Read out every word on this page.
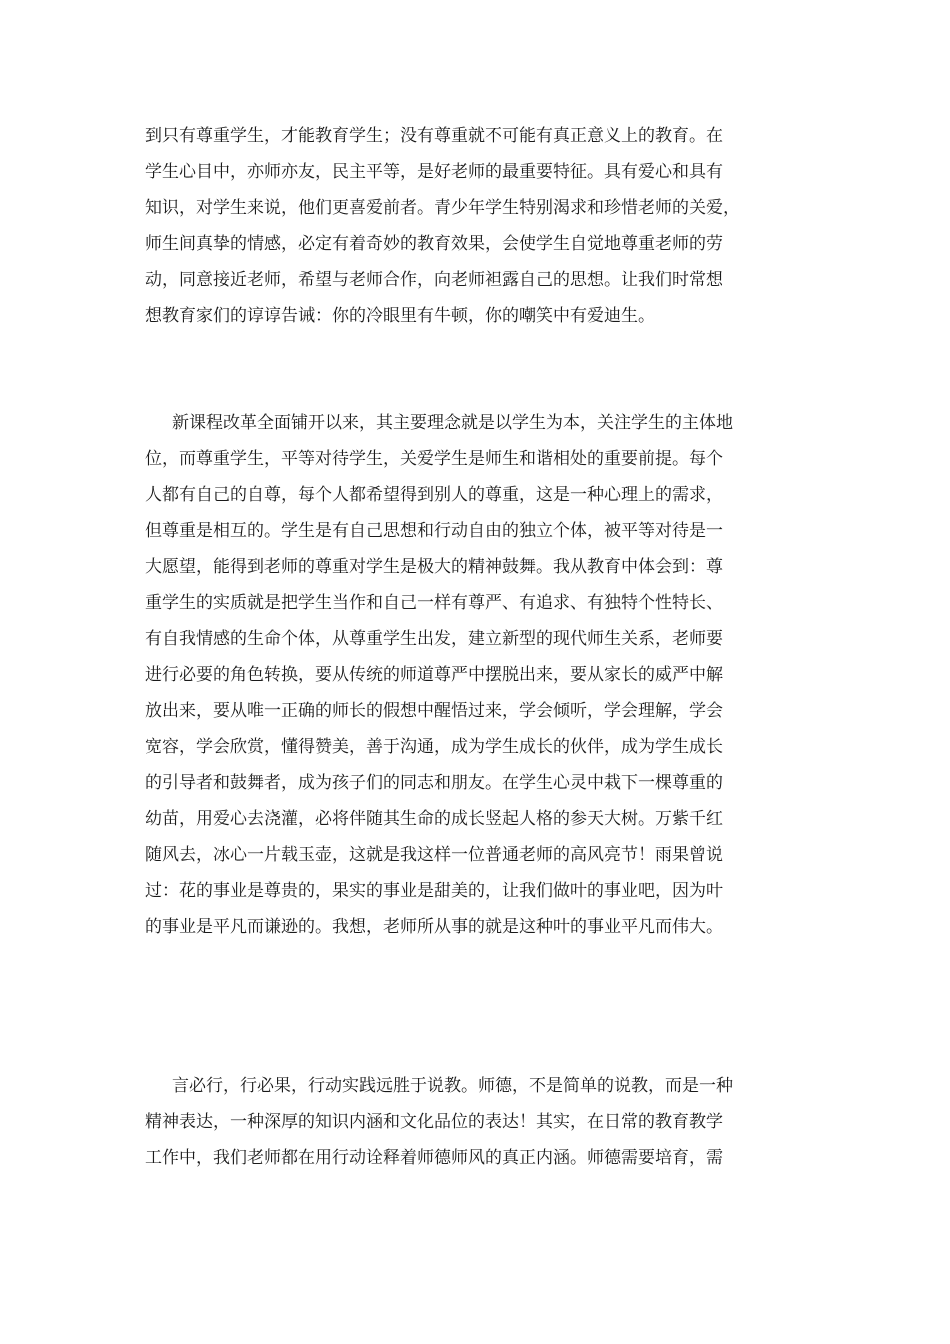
到只有尊重学生，才能教育学生；没有尊重就不可能有真正意义上的教育。在

学生心目中，亦师亦友，民主平等，是好老师的最重要特征。具有爱心和具有

知识，对学生来说，他们更喜爱前者。青少年学生特别渴求和珍惜老师的关爱，

师生间真挚的情感，必定有着奇妙的教育效果，会使学生自觉地尊重老师的劳

动，同意接近老师，希望与老师合作，向老师袒露自己的思想。让我们时常想

想教育家们的谆谆告诫：你的冷眼里有牛顿，你的嘲笑中有爱迪生。

新课程改革全面铺开以来，其主要理念就是以学生为本，关注学生的主体地

位，而尊重学生，平等对待学生，关爱学生是师生和谐相处的重要前提。每个

人都有自己的自尊，每个人都希望得到别人的尊重，这是一种心理上的需求，

但尊重是相互的。学生是有自己思想和行动自由的独立个体，被平等对待是一

大愿望，能得到老师的尊重对学生是极大的精神鼓舞。我从教育中体会到：尊

重学生的实质就是把学生当作和自己一样有尊严、有追求、有独特个性特长、

有自我情感的生命个体，从尊重学生出发，建立新型的现代师生关系，老师要

进行必要的角色转换，要从传统的师道尊严中摆脱出来，要从家长的威严中解

放出来，要从唯一正确的师长的假想中醒悟过来，学会倾听，学会理解，学会

宽容，学会欣赏，懂得赞美，善于沟通，成为学生成长的伙伴，成为学生成长

的引导者和鼓舞者，成为孩子们的同志和朋友。在学生心灵中栽下一棵尊重的

幼苗，用爱心去浇灌，必将伴随其生命的成长竖起人格的参天大树。万紫千红

随风去，冰心一片载玉壶，这就是我这样一位普通老师的高风亮节！雨果曾说

过：花的事业是尊贵的，果实的事业是甜美的，让我们做叶的事业吧，因为叶

的事业是平凡而谦逊的。我想，老师所从事的就是这种叶的事业平凡而伟大。

言必行，行必果，行动实践远胜于说教。师德，不是简单的说教，而是一种

精神表达，一种深厚的知识内涵和文化品位的表达！其实，在日常的教育教学

工作中，我们老师都在用行动诠释着师德师风的真正内涵。师德需要培育，需
